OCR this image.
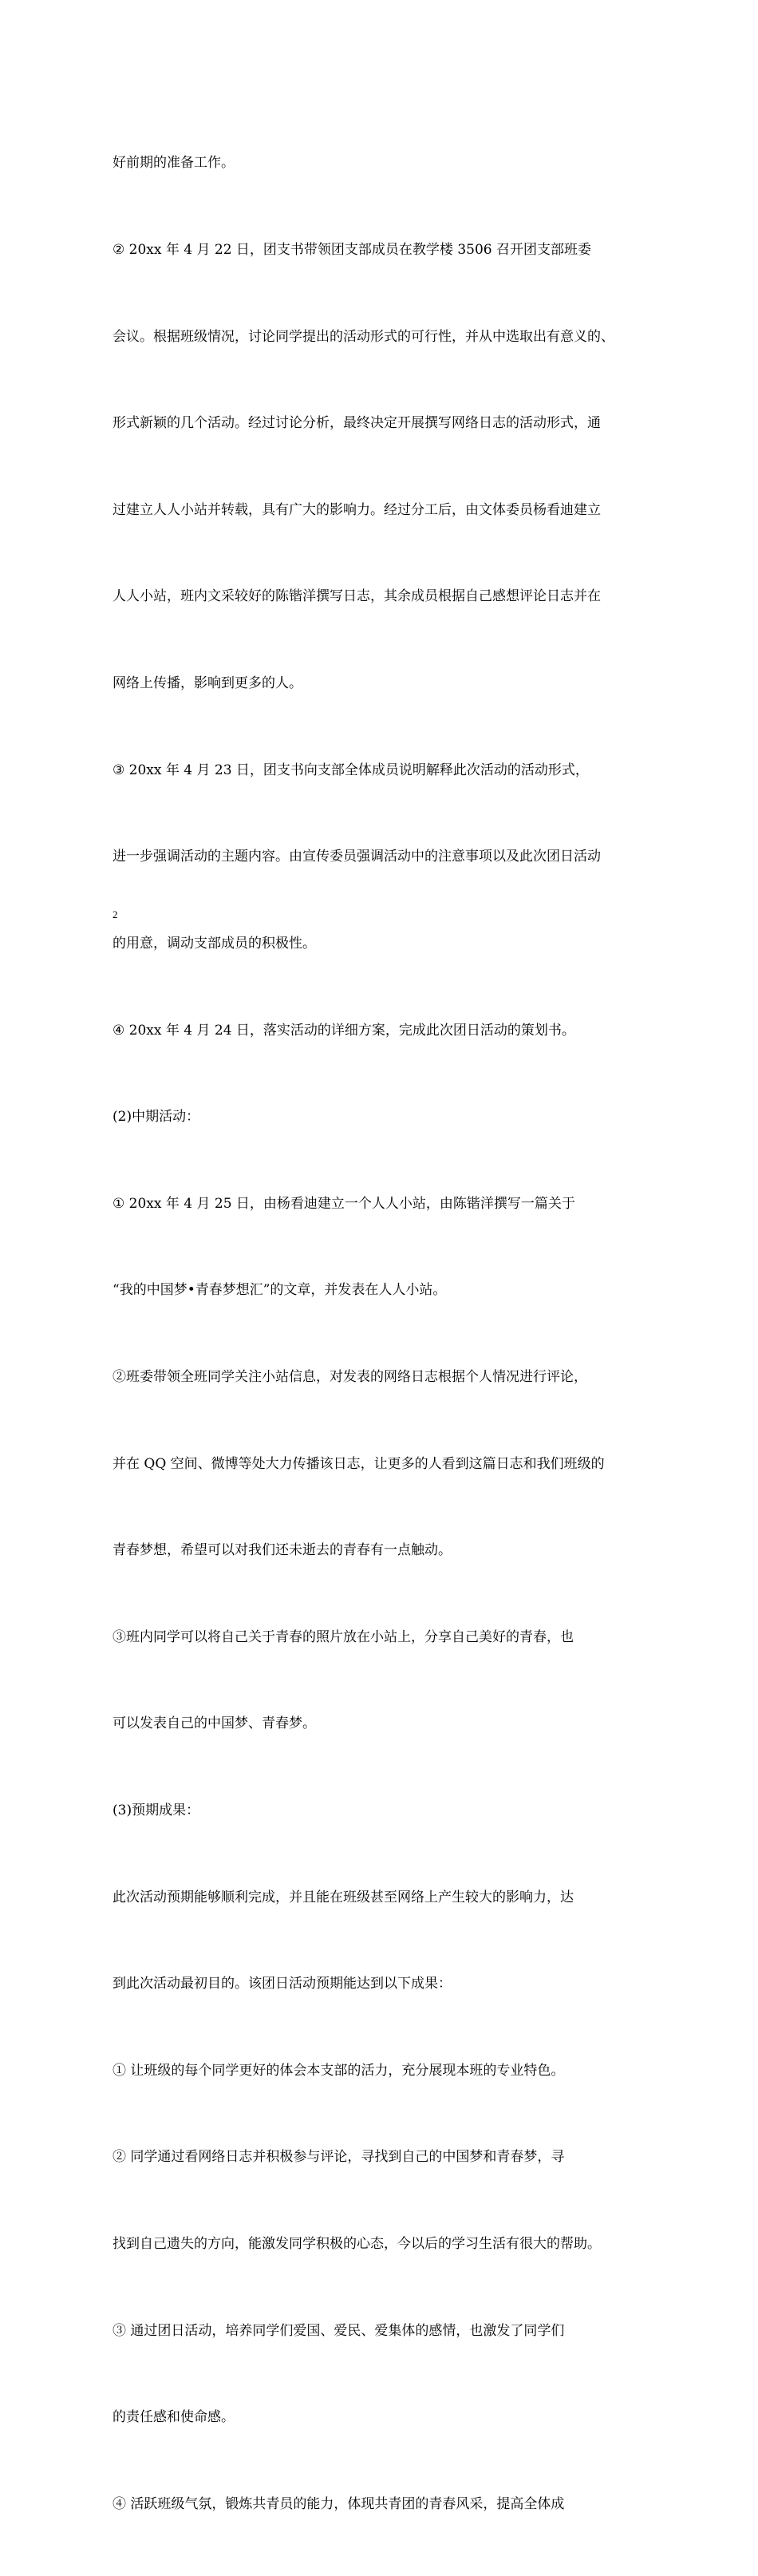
好前期的准备工作。

② 20xx 年 4 月 22 日，团支书带领团支部成员在教学楼 3506 召开团支部班委

会议。根据班级情况，讨论同学提出的活动形式的可行性，并从中选取出有意义的、

形式新颖的几个活动。经过讨论分析，最终决定开展撰写网络日志的活动形式，通

过建立人人小站并转载，具有广大的影响力。经过分工后，由文体委员杨看迪建立

人人小站，班内文采较好的陈锴洋撰写日志，其余成员根据自己感想评论日志并在

网络上传播，影响到更多的人。

③ 20xx 年 4 月 23 日，团支书向支部全体成员说明解释此次活动的活动形式，

进一步强调活动的主题内容。由宣传委员强调活动中的注意事项以及此次团日活动

的用意，调动支部成员的积极性。

④ 20xx 年 4 月 24 日，落实活动的详细方案，完成此次团日活动的策划书。

(2)中期活动：

① 20xx 年 4 月 25 日，由杨看迪建立一个人人小站，由陈锴洋撰写一篇关于

“我的中国梦•青春梦想汇”的文章，并发表在人人小站。

②班委带领全班同学关注小站信息，对发表的网络日志根据个人情况进行评论，

并在 QQ 空间、微博等处大力传播该日志，让更多的人看到这篇日志和我们班级的

青春梦想，希望可以对我们还未逝去的青春有一点触动。

③班内同学可以将自己关于青春的照片放在小站上，分享自己美好的青春，也

可以发表自己的中国梦、青春梦。

(3)预期成果：

此次活动预期能够顺利完成，并且能在班级甚至网络上产生较大的影响力，达

到此次活动最初目的。该团日活动预期能达到以下成果：

① 让班级的每个同学更好的体会本支部的活力，充分展现本班的专业特色。

② 同学通过看网络日志并积极参与评论，寻找到自己的中国梦和青春梦，寻

找到自己遗失的方向，能激发同学积极的心态，今以后的学习生活有很大的帮助。

③ 通过团日活动，培养同学们爱国、爱民、爱集体的感情，也激发了同学们

的责任感和使命感。

④ 活跃班级气氛，锻炼共青员的能力，体现共青团的青春风采，提高全体成

2
